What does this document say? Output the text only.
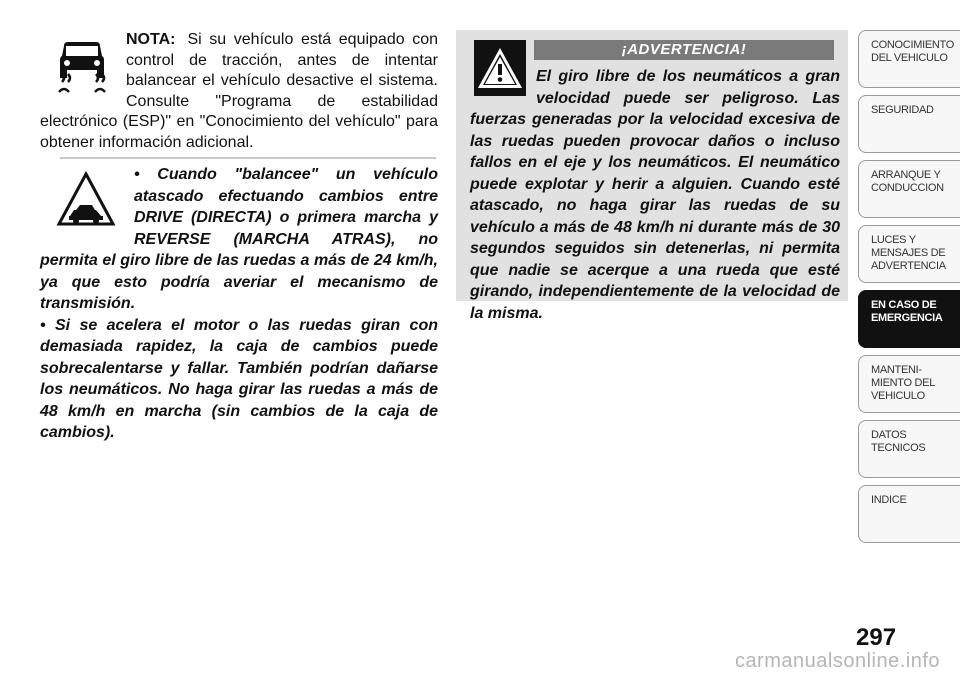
NOTA: Si su vehículo está equipado con control de tracción, antes de intentar balancear el vehículo desactive el sistema. Consulte "Programa de estabilidad electrónico (ESP)" en "Conocimiento del vehículo" para obtener información adicional.

• Cuando "balancee" un vehículo atascado efectuando cambios entre DRIVE (DIRECTA) o primera marcha y REVERSE (MARCHA ATRAS), no permita el giro libre de las ruedas a más de 24 km/h, ya que esto podría averiar el mecanismo de transmisión.

• Si se acelera el motor o las ruedas giran con demasiada rapidez, la caja de cambios puede sobrecalentarse y fallar. También podrían dañarse los neumáticos. No haga girar las ruedas a más de 48 km/h en marcha (sin cambios de la caja de cambios).

¡ADVERTENCIA!
El giro libre de los neumáticos a gran velocidad puede ser peligroso. Las fuerzas generadas por la velocidad excesiva de las ruedas pueden provocar daños o incluso fallos en el eje y los neumáticos. El neumático puede explotar y herir a alguien. Cuando esté atascado, no haga girar las ruedas de su vehículo a más de 48 km/h ni durante más de 30 segundos seguidos sin detenerlas, ni permita que nadie se acerque a una rueda que esté girando, independientemente de la velocidad de la misma.
CONOCIMIENTO DEL VEHICULO
SEGURIDAD
ARRANQUE Y CONDUCCION
LUCES Y MENSAJES DE ADVERTENCIA
EN CASO DE EMERGENCIA
MANTENI- MIENTO DEL VEHICULO
DATOS TECNICOS
INDICE
297
carmanualsonline.info
